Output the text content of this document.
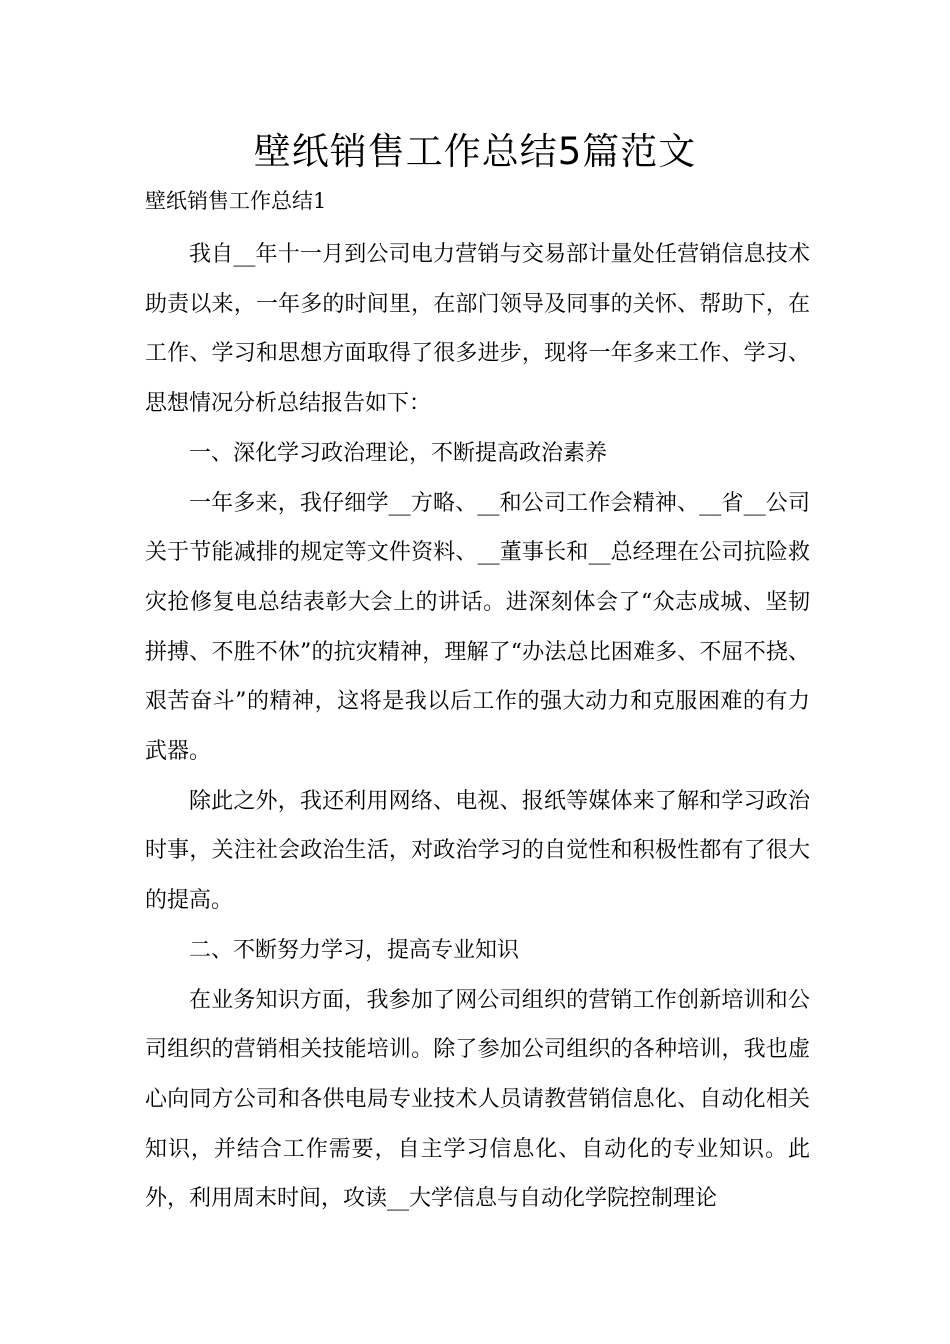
壁纸销售工作总结5篇范文

壁纸销售工作总结1

我自__年十一月到公司电力营销与交易部计量处任营销信息技术助责以来，一年多的时间里，在部门领导及同事的关怀、帮助下，在工作、学习和思想方面取得了很多进步，现将一年多来工作、学习、思想情况分析总结报告如下：

一、深化学习政治理论，不断提高政治素养

一年多来，我仔细学__方略、__和公司工作会精神、__省__公司关于节能减排的规定等文件资料、__董事长和__总经理在公司抗险救灾抢修复电总结表彰大会上的讲话。进深刻体会了“众志成城、坚韧拼搏、不胜不休”的抗灾精神，理解了“办法总比困难多、不屈不挠、艰苦奋斗”的精神，这将是我以后工作的强大动力和克服困难的有力武器。

除此之外，我还利用网络、电视、报纸等媒体来了解和学习政治时事，关注社会政治生活，对政治学习的自觉性和积极性都有了很大的提高。

二、不断努力学习，提高专业知识

在业务知识方面，我参加了网公司组织的营销工作创新培训和公司组织的营销相关技能培训。除了参加公司组织的各种培训，我也虚心向同方公司和各供电局专业技术人员请教营销信息化、自动化相关知识，并结合工作需要，自主学习信息化、自动化的专业知识。此外，利用周末时间，攻读__大学信息与自动化学院控制理论
